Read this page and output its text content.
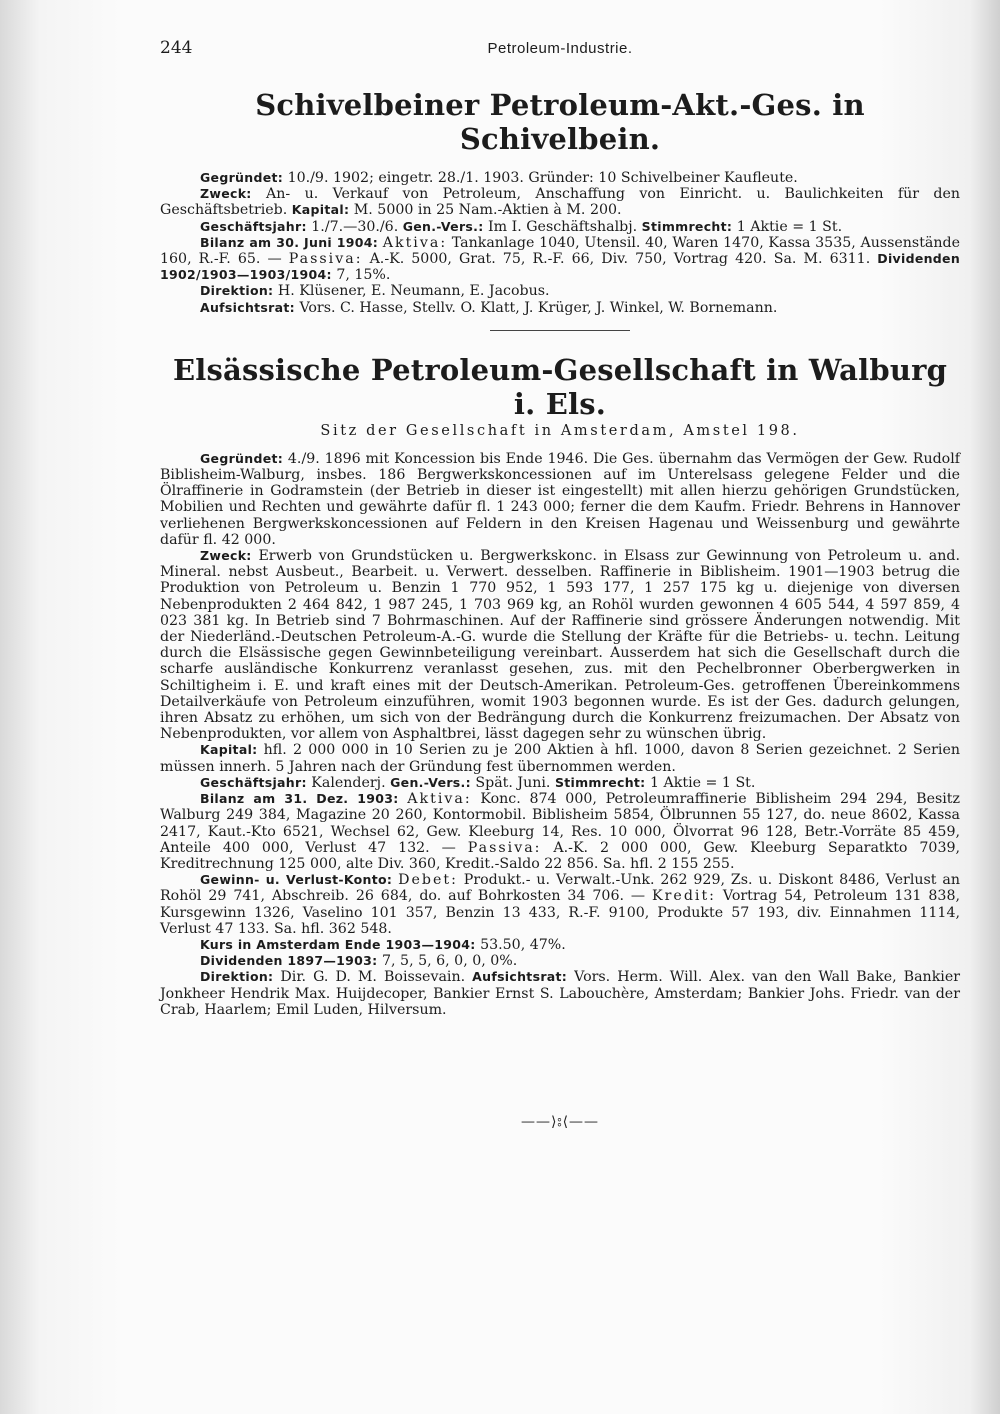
244	Petroleum-Industrie.
Schivelbeiner Petroleum-Akt.-Ges. in Schivelbein.

Gegründet: 10./9. 1902; eingetr. 28./1. 1903. Gründer: 10 Schivelbeiner Kaufleute.

Zweck: An- u. Verkauf von Petroleum, Anschaffung von Einricht. u. Baulichkeiten für den Geschäftsbetrieb. Kapital: M. 5000 in 25 Nam.-Aktien à M. 200.

Geschäftsjahr: 1./7.—30./6. Gen.-Vers.: Im I. Geschäftshalbj. Stimmrecht: 1 Aktie = 1 St.

Bilanz am 30. Juni 1904: Aktiva: Tankanlage 1040, Utensil. 40, Waren 1470, Kassa 3535, Aussenstände 160, R.-F. 65. — Passiva: A.-K. 5000, Grat. 75, R.-F. 66, Div. 750, Vortrag 420. Sa. M. 6311. Dividenden 1902/1903—1903/1904: 7, 15%.

Direktion: H. Klüsener, E. Neumann, E. Jacobus.

Aufsichtsrat: Vors. C. Hasse, Stellv. O. Klatt, J. Krüger, J. Winkel, W. Bornemann.

Elsässische Petroleum-Gesellschaft in Walburg i. Els.
Sitz der Gesellschaft in Amsterdam, Amstel 198.

Gegründet: 4./9. 1896 mit Koncession bis Ende 1946. Die Ges. übernahm das Vermögen der Gew. Rudolf Biblisheim-Walburg, insbes. 186 Bergwerkskoncessionen auf im Unterelsass gelegene Felder und die Ölraffinerie in Godramstein (der Betrieb in dieser ist eingestellt) mit allen hierzu gehörigen Grundstücken, Mobilien und Rechten und gewährte dafür fl. 1 243 000; ferner die dem Kaufm. Friedr. Behrens in Hannover verliehenen Bergwerkskoncessionen auf Feldern in den Kreisen Hagenau und Weissenburg und gewährte dafür fl. 42 000.

Zweck: Erwerb von Grundstücken u. Bergwerkskonc. in Elsass zur Gewinnung von Petroleum u. and. Mineral. nebst Ausbeut., Bearbeit. u. Verwert. desselben. Raffinerie in Biblisheim. 1901—1903 betrug die Produktion von Petroleum u. Benzin 1 770 952, 1 593 177, 1 257 175 kg u. diejenige von diversen Nebenprodukten 2 464 842, 1 987 245, 1 703 969 kg, an Rohöl wurden gewonnen 4 605 544, 4 597 859, 4 023 381 kg. In Betrieb sind 7 Bohrmaschinen. Auf der Raffinerie sind grössere Änderungen notwendig. Mit der Niederländ.-Deutschen Petroleum-A.-G. wurde die Stellung der Kräfte für die Betriebs- u. techn. Leitung durch die Elsässische gegen Gewinnbeteiligung vereinbart. Ausserdem hat sich die Gesellschaft durch die scharfe ausländische Konkurrenz veranlasst gesehen, zus. mit den Pechelbronner Oberbergwerken in Schiltigheim i. E. und kraft eines mit der Deutsch-Amerikan. Petroleum-Ges. getroffenen Übereinkommens Detailverkäufe von Petroleum einzuführen, womit 1903 begonnen wurde. Es ist der Ges. dadurch gelungen, ihren Absatz zu erhöhen, um sich von der Bedrängung durch die Konkurrenz freizumachen. Der Absatz von Nebenprodukten, vor allem von Asphaltbrei, lässt dagegen sehr zu wünschen übrig.

Kapital: hfl. 2 000 000 in 10 Serien zu je 200 Aktien à hfl. 1000, davon 8 Serien gezeichnet. 2 Serien müssen innerh. 5 Jahren nach der Gründung fest übernommen werden.

Geschäftsjahr: Kalenderj. Gen.-Vers.: Spät. Juni. Stimmrecht: 1 Aktie = 1 St.

Bilanz am 31. Dez. 1903: Aktiva: Konc. 874 000, Petroleumraffinerie Biblisheim 294 294, Besitz Walburg 249 384, Magazine 20 260, Kontormobil. Biblisheim 5854, Ölbrunnen 55 127, do. neue 8602, Kassa 2417, Kaut.-Kto 6521, Wechsel 62, Gew. Kleeburg 14, Res. 10 000, Ölvorrat 96 128, Betr.-Vorräte 85 459, Anteile 400 000, Verlust 47 132. — Passiva: A.-K. 2 000 000, Gew. Kleeburg Separatkto 7039, Kreditrechnung 125 000, alte Div. 360, Kredit.-Saldo 22 856. Sa. hfl. 2 155 255.

Gewinn- u. Verlust-Konto: Debet: Produkt.- u. Verwalt.-Unk. 262 929, Zs. u. Diskont 8486, Verlust an Rohöl 29 741, Abschreib. 26 684, do. auf Bohrkosten 34 706. — Kredit: Vortrag 54, Petroleum 131 838, Kursgewinn 1326, Vaselino 101 357, Benzin 13 433, R.-F. 9100, Produkte 57 193, div. Einnahmen 1114, Verlust 47 133. Sa. hfl. 362 548.

Kurs in Amsterdam Ende 1903—1904: 53.50, 47%.

Dividenden 1897—1903: 7, 5, 5, 6, 0, 0, 0%.

Direktion: Dir. G. D. M. Boissevain. Aufsichtsrat: Vors. Herm. Will. Alex. van den Wall Bake, Bankier Jonkheer Hendrik Max. Huijdecoper, Bankier Ernst S. Labouchère, Amsterdam; Bankier Johs. Friedr. van der Crab, Haarlem; Emil Luden, Hilversum.

——⟩⦂⟨——
